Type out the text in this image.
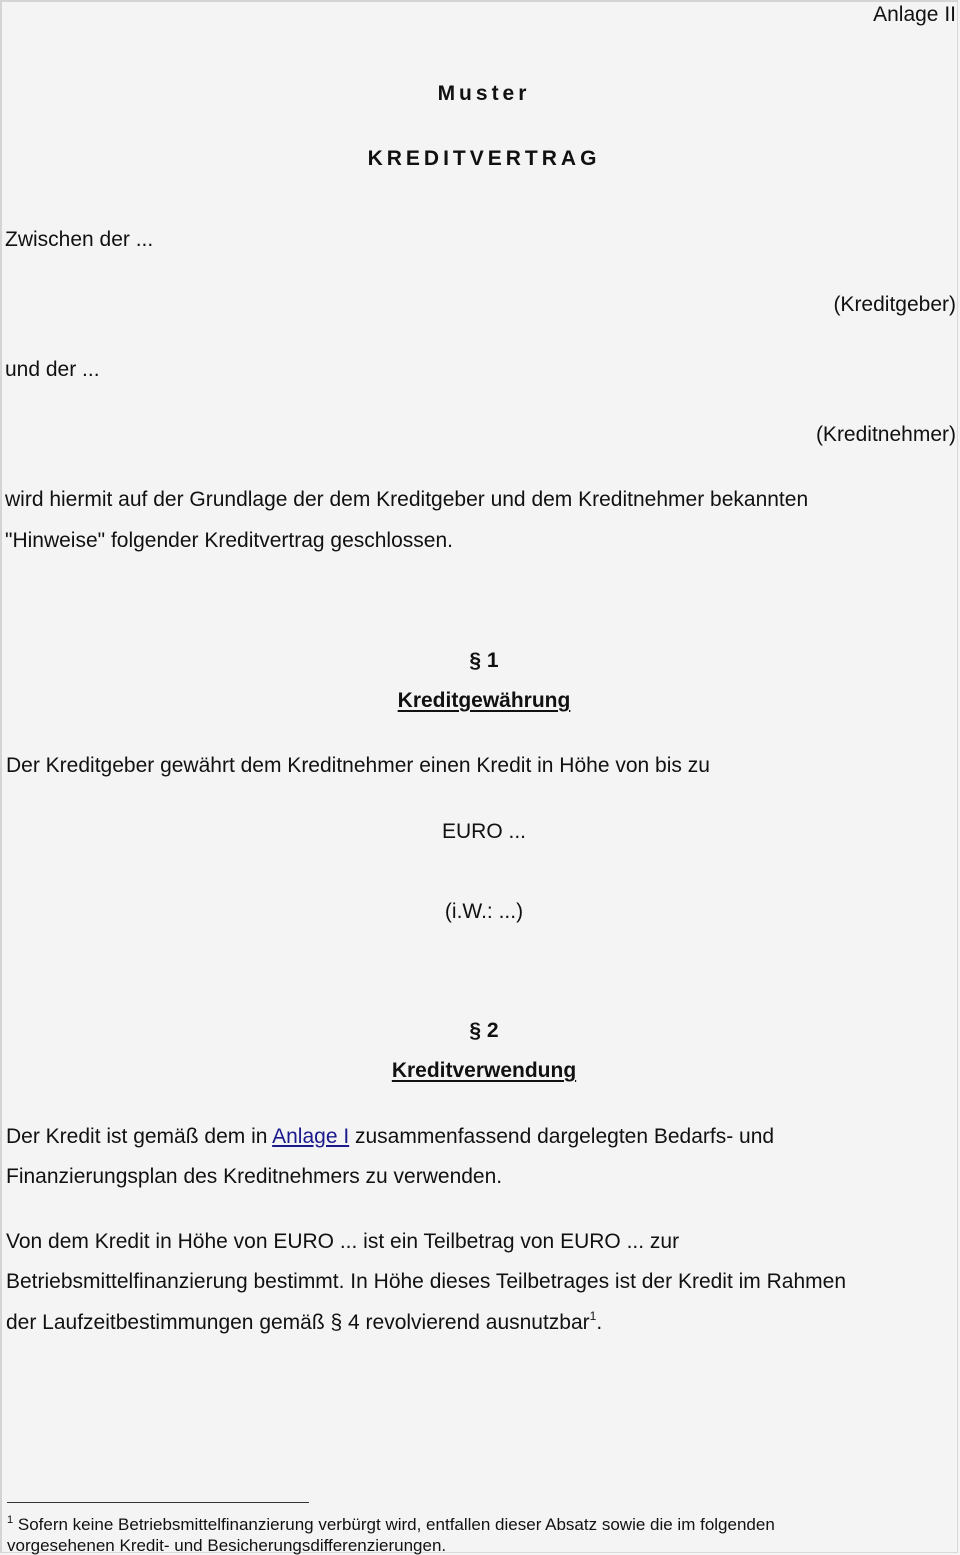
Anlage II
Muster
KREDITVERTRAG
Zwischen der ...
(Kreditgeber)
und der ...
(Kreditnehmer)
wird hiermit auf der Grundlage der dem Kreditgeber und dem Kreditnehmer bekannten
"Hinweise" folgender Kreditvertrag geschlossen.
§ 1
Kreditgewährung
Der Kreditgeber gewährt dem Kreditnehmer einen Kredit in Höhe von bis zu
EURO ...
(i.W.: ...)
§ 2
Kreditverwendung
Der Kredit ist gemäß dem in Anlage I zusammenfassend dargelegten Bedarfs- und
Finanzierungsplan des Kreditnehmers zu verwenden.
Von dem Kredit in Höhe von EURO ... ist ein Teilbetrag von EURO ... zur
Betriebsmittelfinanzierung bestimmt. In Höhe dieses Teilbetrages ist der Kredit im Rahmen
der Laufzeitbestimmungen gemäß § 4 revolvierend ausnutzbar$^1$.
$^1$ Sofern keine Betriebsmittelfinanzierung verbürgt wird, entfallen dieser Absatz sowie die im folgenden
vorgesehenen Kredit- und Besicherungsdifferenzierungen.
